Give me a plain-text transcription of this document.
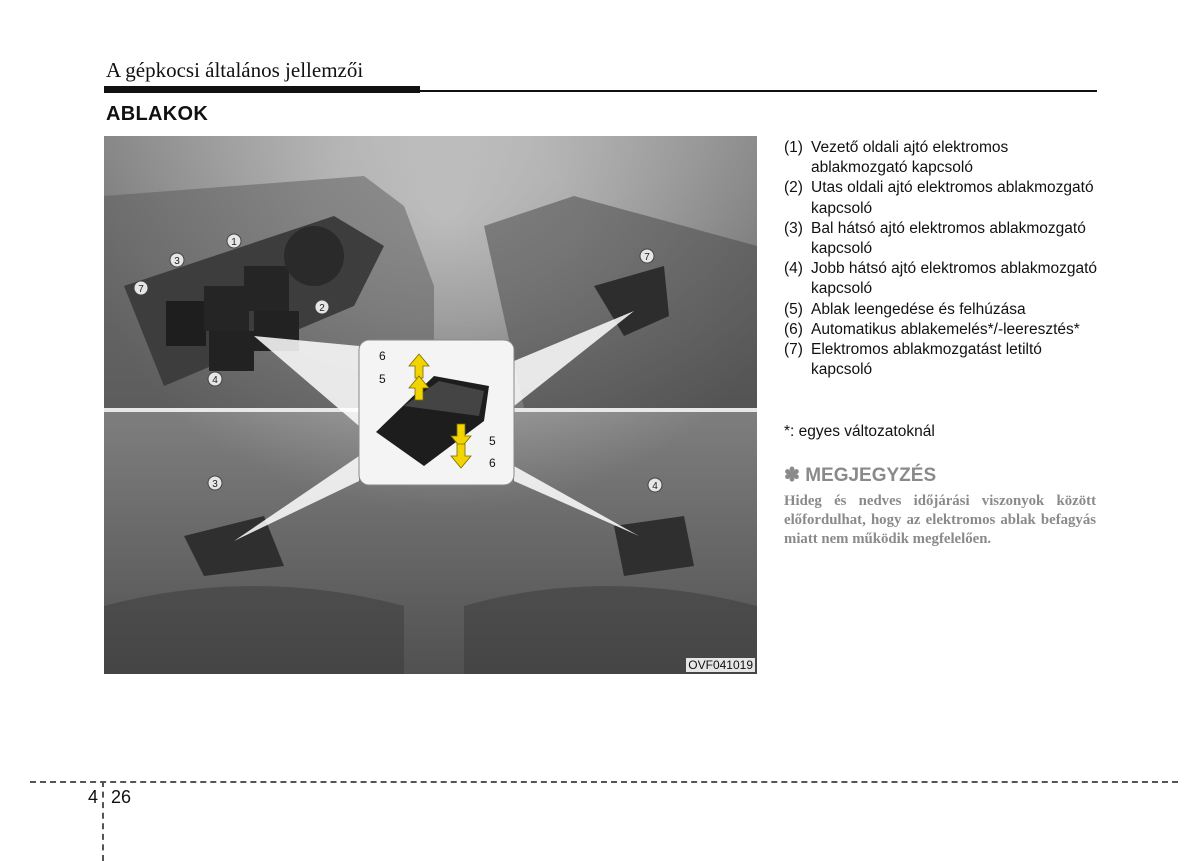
A gépkocsi általános jellemzői
ABLAKOK
1
2
3
4
7
7
3	4
6
5
5
6
OVF041019
(1) Vezető oldali ajtó elektromos ablakmozgató kapcsoló
(2) Utas oldali ajtó elektromos ablakmozgató kapcsoló
(3) Bal hátsó ajtó elektromos ablakmozgató kapcsoló
(4) Jobb hátsó ajtó elektromos ablakmozgató kapcsoló
(5) Ablak leengedése és felhúzása
(6) Automatikus ablakemelés*/-leeresztés*
(7) Elektromos ablakmozgatást letiltó kapcsoló
*: egyes változatoknál
✽ MEGJEGYZÉS
Hideg és nedves időjárási viszonyok között előfordulhat, hogy az elektromos ablak befagyás miatt nem működik megfelelően.
4 26
